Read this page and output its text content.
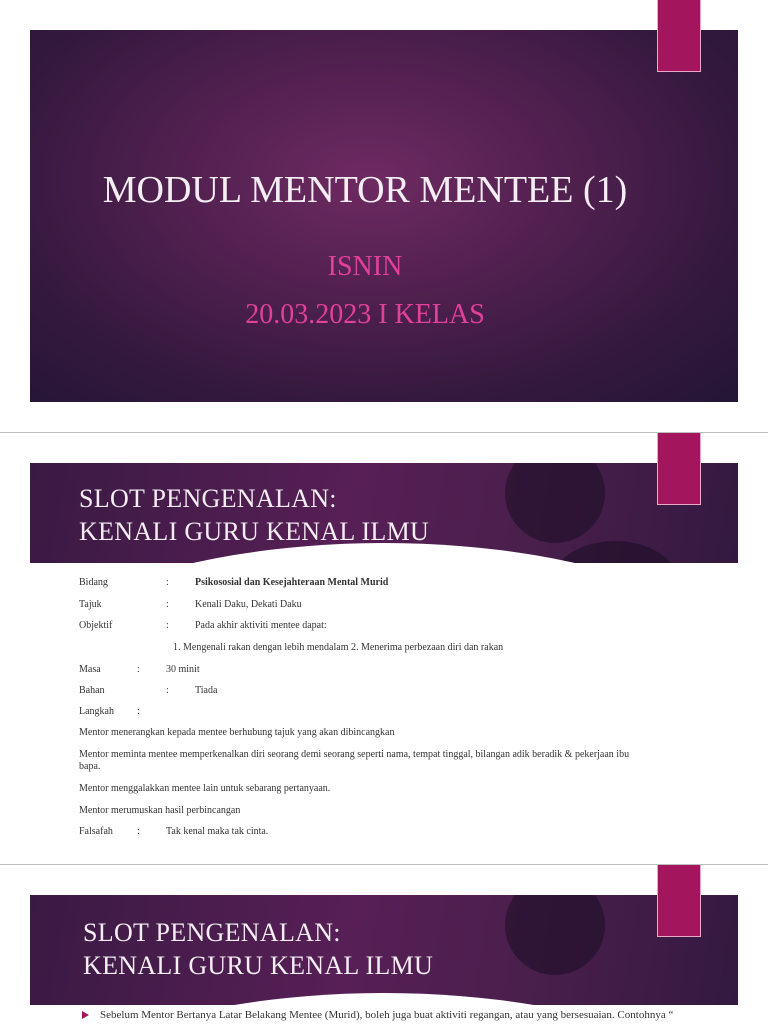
MODUL MENTOR MENTEE (1)
ISNIN
20.03.2023 I KELAS
SLOT PENGENALAN:
KENALI GURU KENAL ILMU
Bidang	:	Psikososial dan Kesejahteraan Mental Murid
Tajuk	:	Kenali Daku, Dekati Daku
Objektif	:	Pada akhir aktiviti mentee dapat:
1. Mengenali rakan dengan lebih mendalam 2. Menerima perbezaan diri dan rakan
Masa	:	30 minit
Bahan	:	Tiada
Langkah :
Mentor menerangkan kepada mentee berhubung tajuk yang akan dibincangkan
Mentor meminta mentee memperkenalkan diri seorang demi seorang seperti nama, tempat tinggal, bilangan adik beradik & pekerjaan ibu bapa.
Mentor menggalakkan mentee lain untuk sebarang pertanyaan.
Mentor merumuskan hasil perbincangan
Falsafah :	Tak kenal maka tak cinta.
SLOT PENGENALAN:
KENALI GURU KENAL ILMU
Sebelum Mentor Bertanya Latar Belakang Mentee (Murid), boleh juga buat aktiviti regangan, atau yang bersesuaian. Contohnya “
